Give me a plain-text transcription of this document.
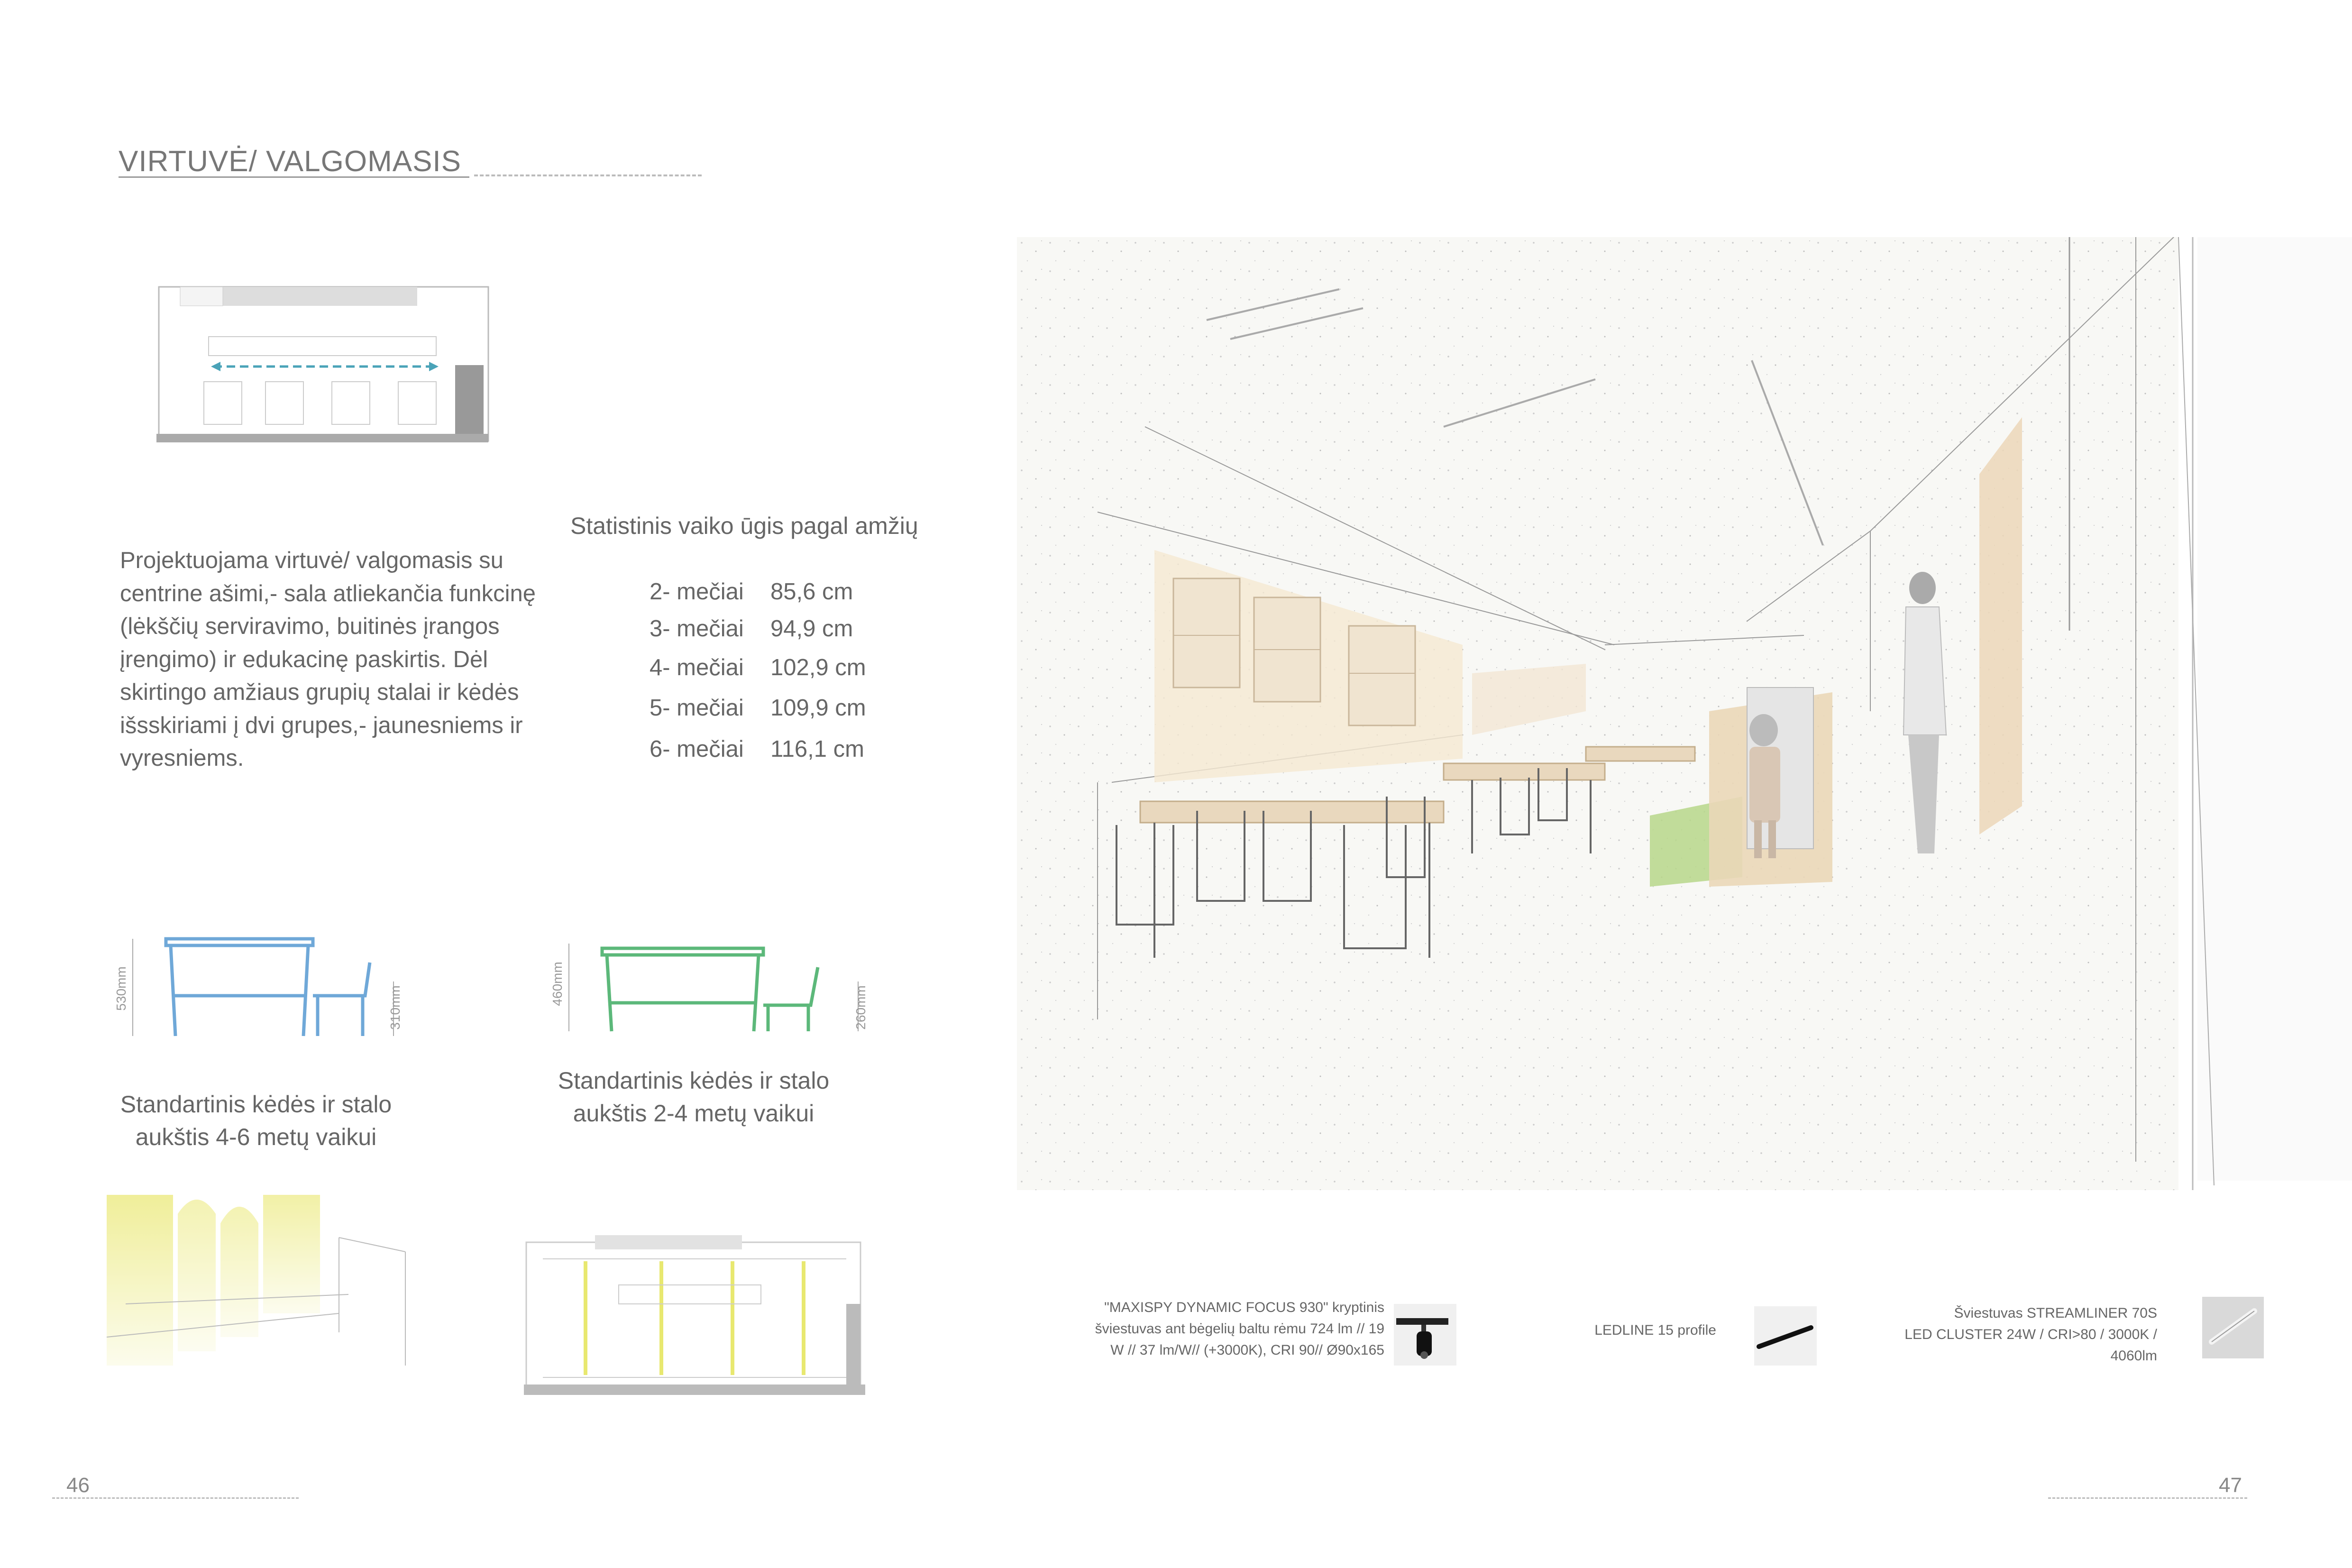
VIRTUVĖ/ VALGOMASIS
Projektuojama virtuvė/ valgomasis su centrine ašimi,- sala atliekančia funkcinę (lėkščių serviravimo, buitinės įrangos įrengimo) ir edukacinę paskirtis. Dėl skirtingo amžiaus grupių stalai ir kėdės išsskiriami į dvi grupes,- jaunesniems ir vyresniems.
Statistinis vaiko ūgis pagal amžių
2- mečiai 85,6 cm
3- mečiai 94,9 cm
4- mečiai 102,9 cm
5- mečiai 109,9 cm
6- mečiai 116,1 cm
530mm	310mm
460mm
260mm
Standartinis kėdės ir stalo
aukštis 4-6 metų vaikui
Standartinis kėdės ir stalo
aukštis 2-4 metų vaikui
"MAXISPY DYNAMIC FOCUS 930" kryptinis
šviestuvas ant bėgelių baltu rėmu 724 lm // 19
W // 37 lm/W// (+3000K), CRI 90// Ø90x165
LEDLINE 15 profile
Šviestuvas STREAMLINER 70S
LED CLUSTER 24W / CRI>80 / 3000K /
4060lm
46	47
